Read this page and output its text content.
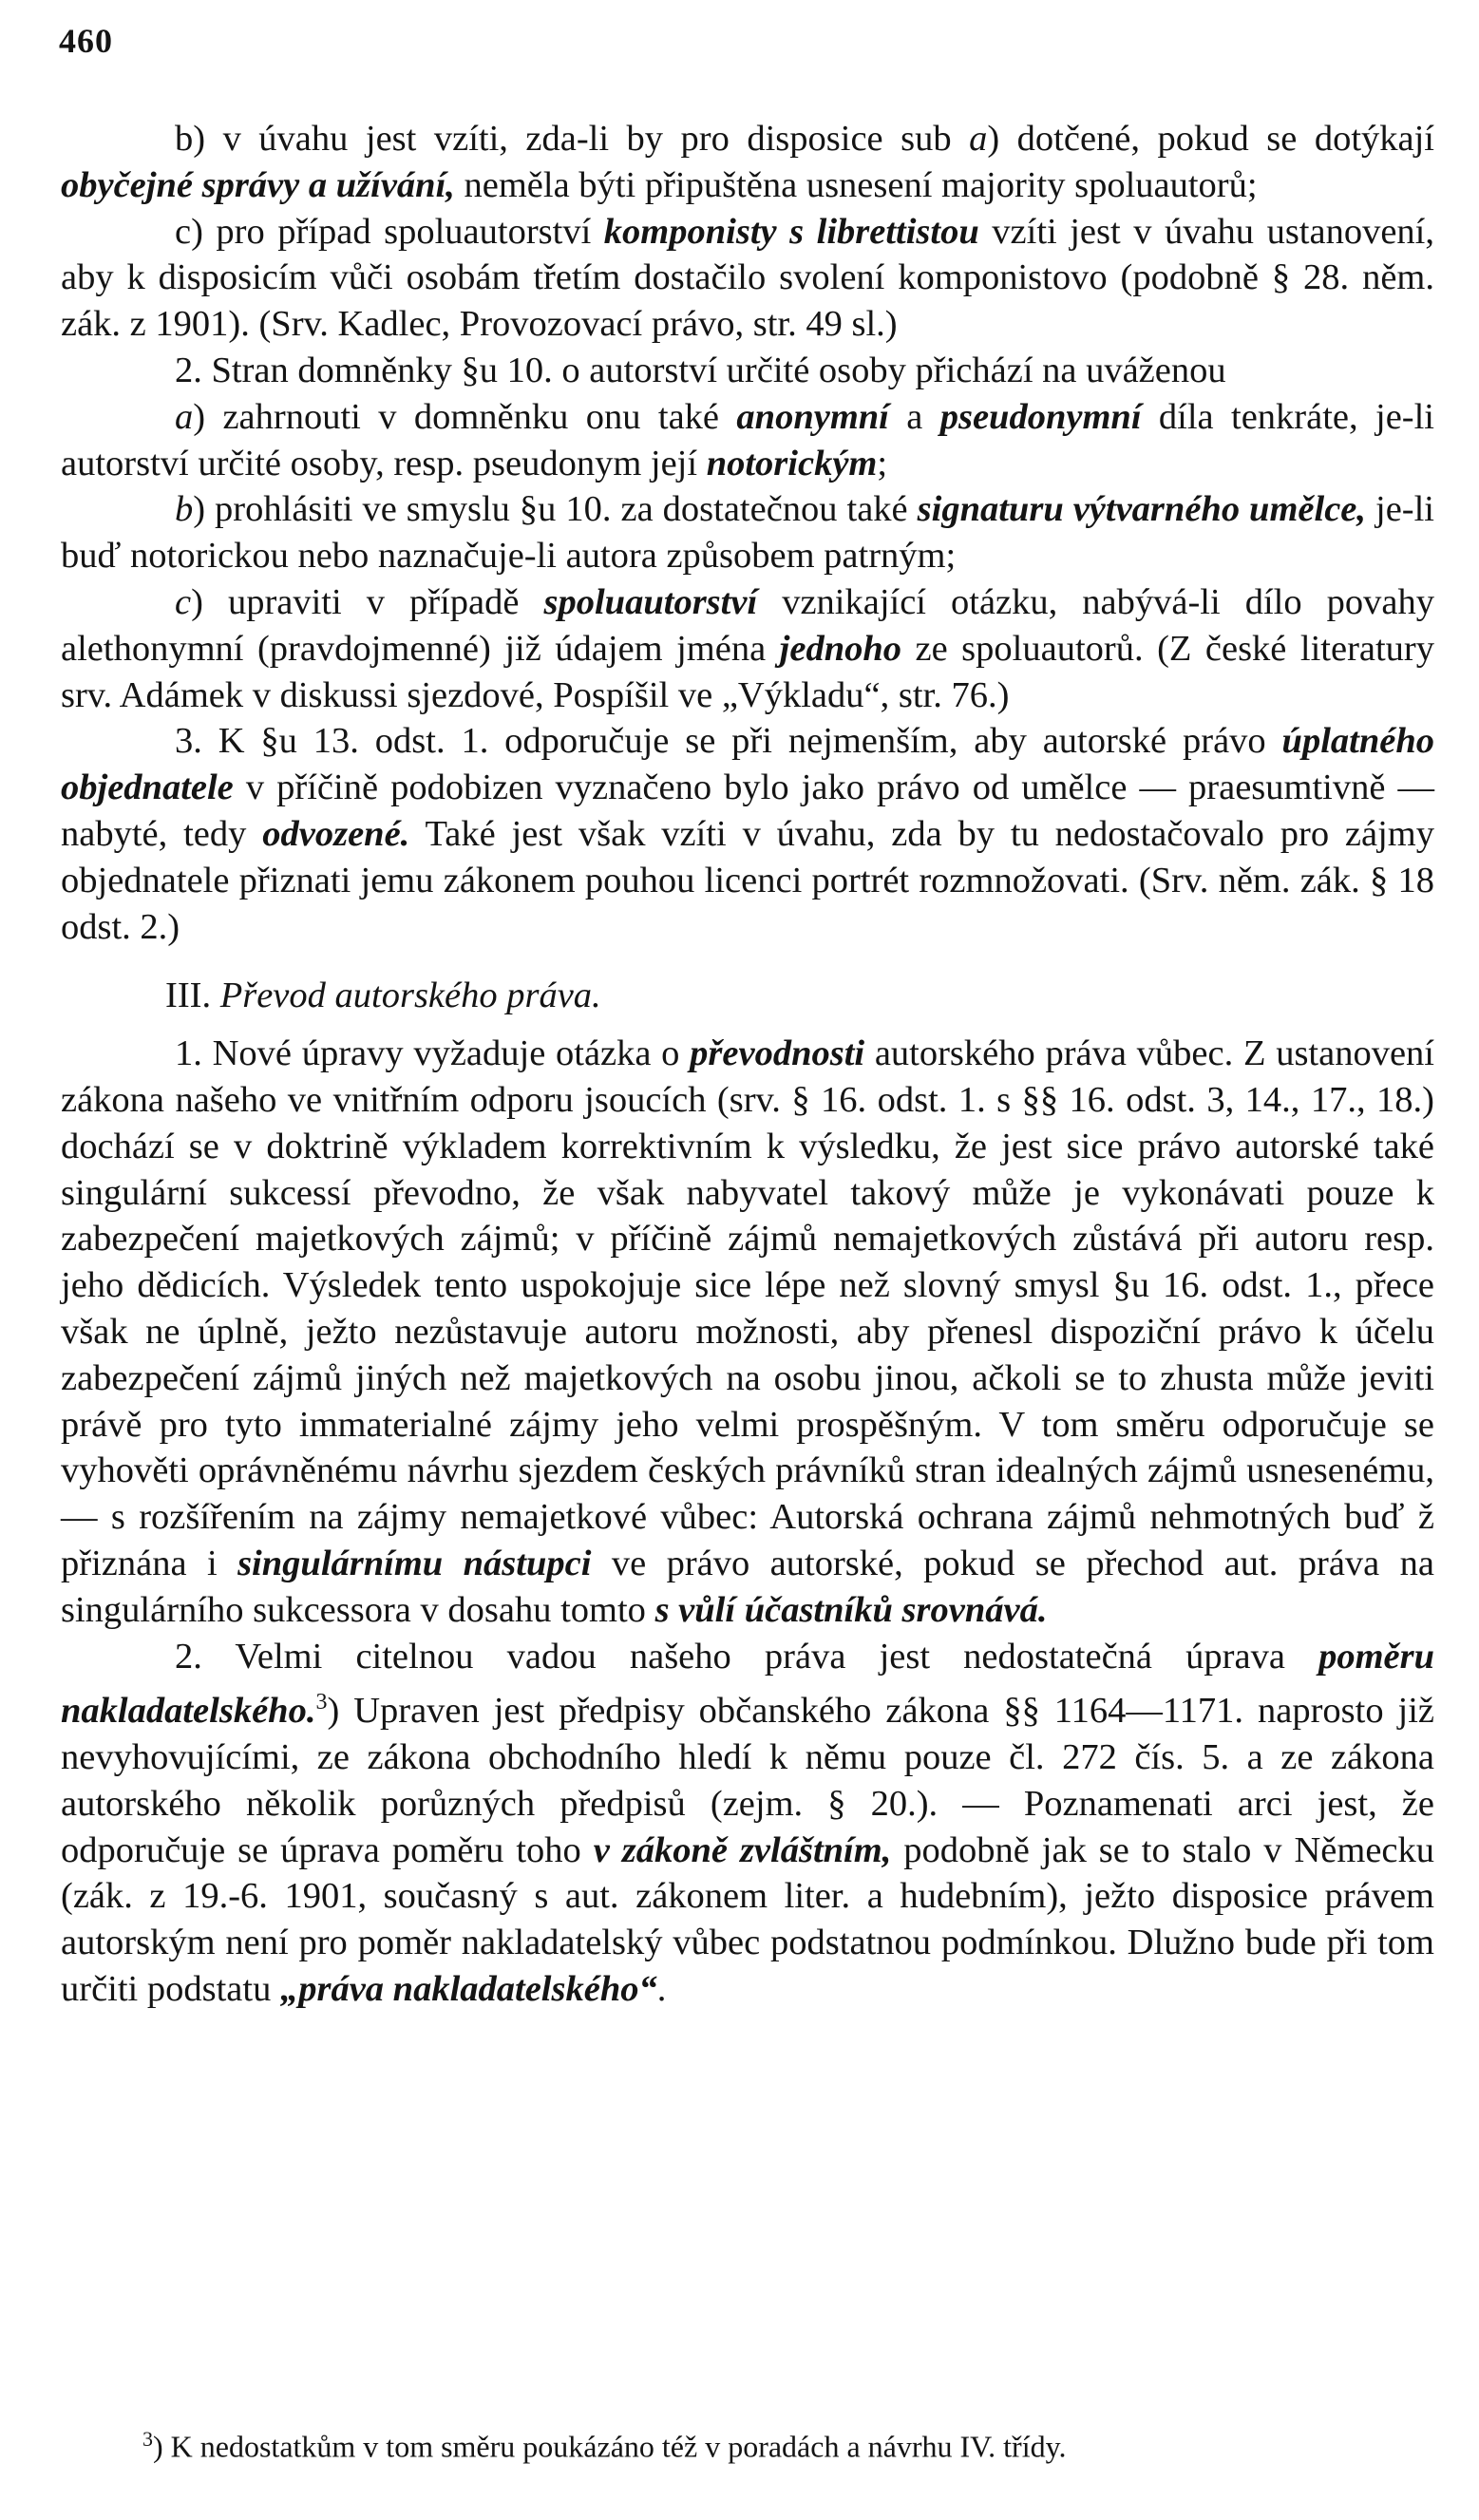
460

b) v úvahu jest vzíti, zda-li by pro disposice sub a) dotčené, pokud se dotýkají obyčejné správy a užívání, neměla býti připuštěna usnesení majority spoluautorů;

c) pro případ spoluautorství komponisty s librettistou vzíti jest v úvahu ustanovení, aby k disposicím vůči osobám třetím dostačilo svolení komponistovo (podobně § 28. něm. zák. z 1901). (Srv. Kadlec, Provozovací právo, str. 49 sl.)

2. Stran domněnky §u 10. o autorství určité osoby přichází na uváženou

a) zahrnouti v domněnku onu také anonymní a pseudonymní díla tenkráte, je-li autorství určité osoby, resp. pseudonym její notorickým;

b) prohlásiti ve smyslu §u 10. za dostatečnou také signaturu výtvarného umělce, je-li buď notorickou nebo naznačuje-li autora způsobem patrným;

c) upraviti v případě spoluautorství vznikající otázku, nabývá-li dílo povahy alethonymní (pravdojmenné) již údajem jména jednoho ze spoluautorů. (Z české literatury srv. Adámek v diskussi sjezdové, Pospíšil ve „Výkladu“, str. 76.)

3. K §u 13. odst. 1. odporučuje se při nejmenším, aby autorské právo úplatného objednatele v příčině podobizen vyznačeno bylo jako právo od umělce — praesumtivně — nabyté, tedy odvozené. Také jest však vzíti v úvahu, zda by tu nedostačovalo pro zájmy objednatele přiznati jemu zákonem pouhou licenci portrét rozmnožovati. (Srv. něm. zák. § 18 odst. 2.)

III. Převod autorského práva.

1. Nové úpravy vyžaduje otázka o převodnosti autorského práva vůbec. Z ustanovení zákona našeho ve vnitřním odporu jsoucích (srv. § 16. odst. 1. s §§ 16. odst. 3, 14., 17., 18.) dochází se v doktrině výkladem korrektivním k výsledku, že jest sice právo autorské také singulární sukcessí převodno, že však nabyvatel takový může je vykonávati pouze k zabezpečení majetkových zájmů; v příčině zájmů nemajetkových zůstává při autoru resp. jeho dědicích. Výsledek tento uspokojuje sice lépe než slovný smysl §u 16. odst. 1., přece však ne úplně, ježto nezůstavuje autoru možnosti, aby přenesl dispoziční právo k účelu zabezpečení zájmů jiných než majetkových na osobu jinou, ačkoli se to zhusta může jeviti právě pro tyto immaterialné zájmy jeho velmi prospěšným. V tom směru odporučuje se vyhověti oprávněnému návrhu sjezdem českých právníků stran idealných zájmů usnesenému, — s rozšířením na zájmy nemajetkové vůbec: Autorská ochrana zájmů nehmotných buď ž přiznána i singulárnímu nástupci ve právo autorské, pokud se přechod aut. práva na singulárního sukcessora v dosahu tomto s vůlí účastníků srovnává.

2. Velmi citelnou vadou našeho práva jest nedostatečná úprava poměru nakladatelského.$^3$) Upraven jest předpisy občanského zákona §§ 1164—1171. naprosto již nevyhovujícími, ze zákona obchodního hledí k němu pouze čl. 272 čís. 5. a ze zákona autorského několik porůzných předpisů (zejm. § 20.). — Poznamenati arci jest, že odporučuje se úprava poměru toho v zákoně zvláštním, podobně jak se to stalo v Německu (zák. z 19.-6. 1901, současný s aut. zákonem liter. a hudebním), ježto disposice právem autorským není pro poměr nakladatelský vůbec podstatnou podmínkou. Dlužno bude při tom určiti podstatu „práva nakladatelského“.

$^3$) K nedostatkům v tom směru poukázáno též v poradách a návrhu IV. třídy.
